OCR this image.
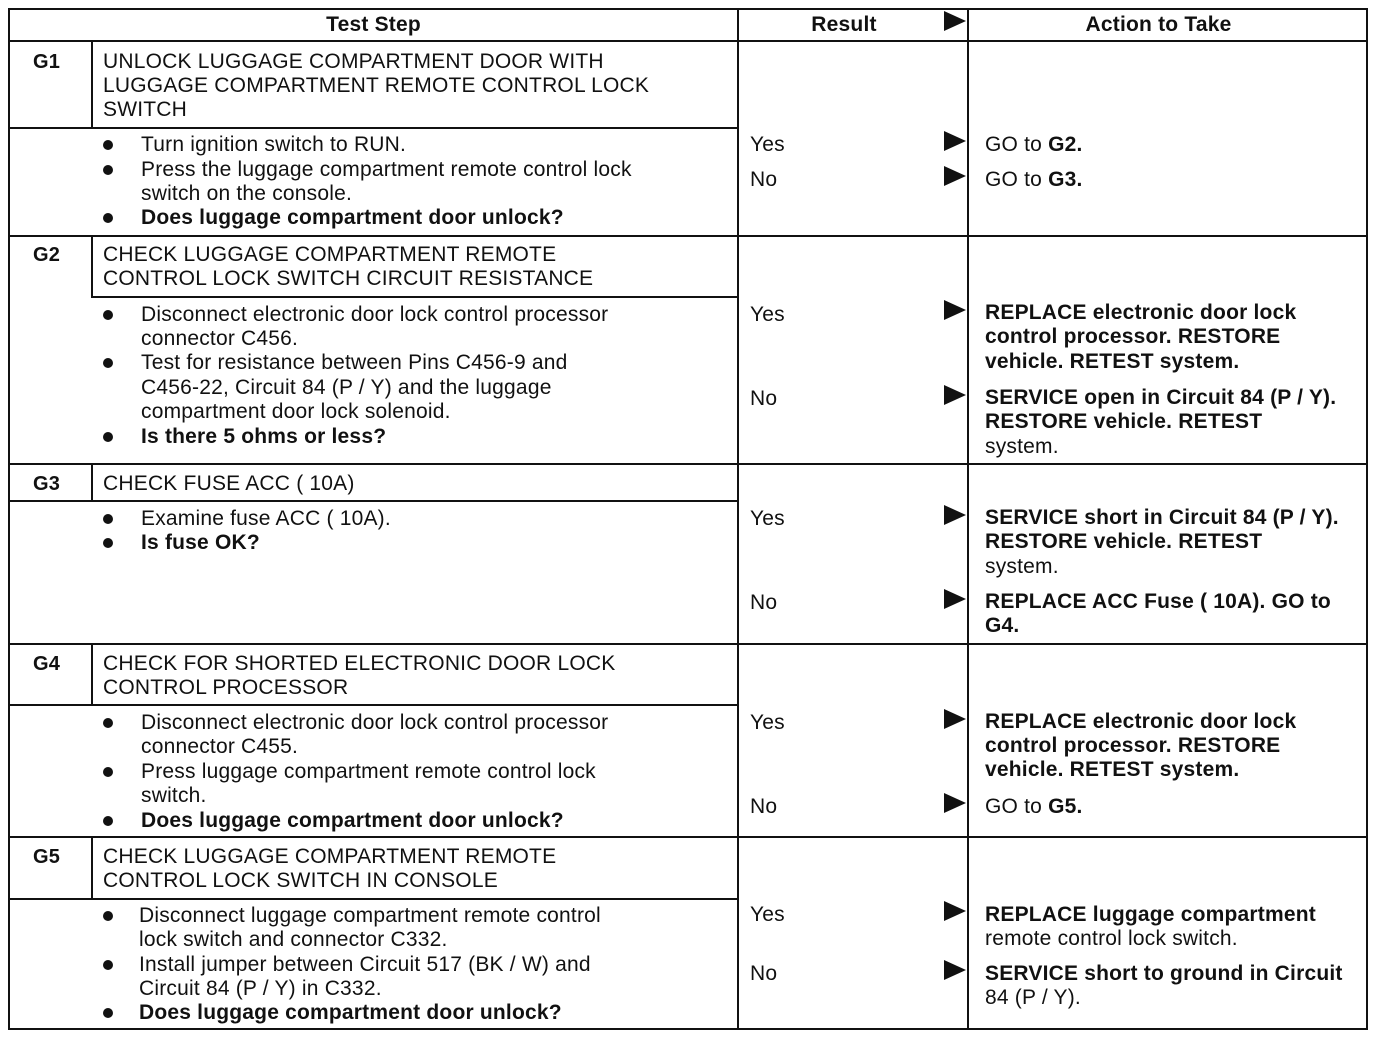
Test Step	Result	Action to Take
G1 UNLOCK LUGGAGE COMPARTMENT DOOR WITH
LUGGAGE COMPARTMENT REMOTE CONTROL LOCK
SWITCH
Turn ignition switch to RUN.
Press the luggage compartment remote control lock
switch on the console.
Does luggage compartment door unlock?
Yes	GO to G2.
No	GO to G3.
G2 CHECK LUGGAGE COMPARTMENT REMOTE
CONTROL LOCK SWITCH CIRCUIT RESISTANCE
Disconnect electronic door lock control processor
connector C456.
Test for resistance between Pins C456-9 and
C456-22, Circuit 84 (P / Y) and the luggage
compartment door lock solenoid.
Is there 5 ohms or less?
Yes	REPLACE electronic door lock
control processor. RESTORE
vehicle. RETEST system.
No	SERVICE open in Circuit 84 (P / Y).
RESTORE vehicle. RETEST
system.
G3 CHECK FUSE ACC ( 10A)
Examine fuse ACC ( 10A).
Is fuse OK?
Yes	SERVICE short in Circuit 84 (P / Y).
RESTORE vehicle. RETEST
system.
No	REPLACE ACC Fuse ( 10A). GO to
G4.
G4 CHECK FOR SHORTED ELECTRONIC DOOR LOCK
CONTROL PROCESSOR
Disconnect electronic door lock control processor
connector C455.
Press luggage compartment remote control lock
switch.
Does luggage compartment door unlock?
Yes	REPLACE electronic door lock
control processor. RESTORE
vehicle. RETEST system.
No	GO to G5.
G5 CHECK LUGGAGE COMPARTMENT REMOTE
CONTROL LOCK SWITCH IN CONSOLE
Disconnect luggage compartment remote control
lock switch and connector C332.
Install jumper between Circuit 517 (BK / W) and
Circuit 84 (P / Y) in C332.
Does luggage compartment door unlock?
Yes	REPLACE luggage compartment
remote control lock switch.
No	SERVICE short to ground in Circuit
84 (P / Y).
